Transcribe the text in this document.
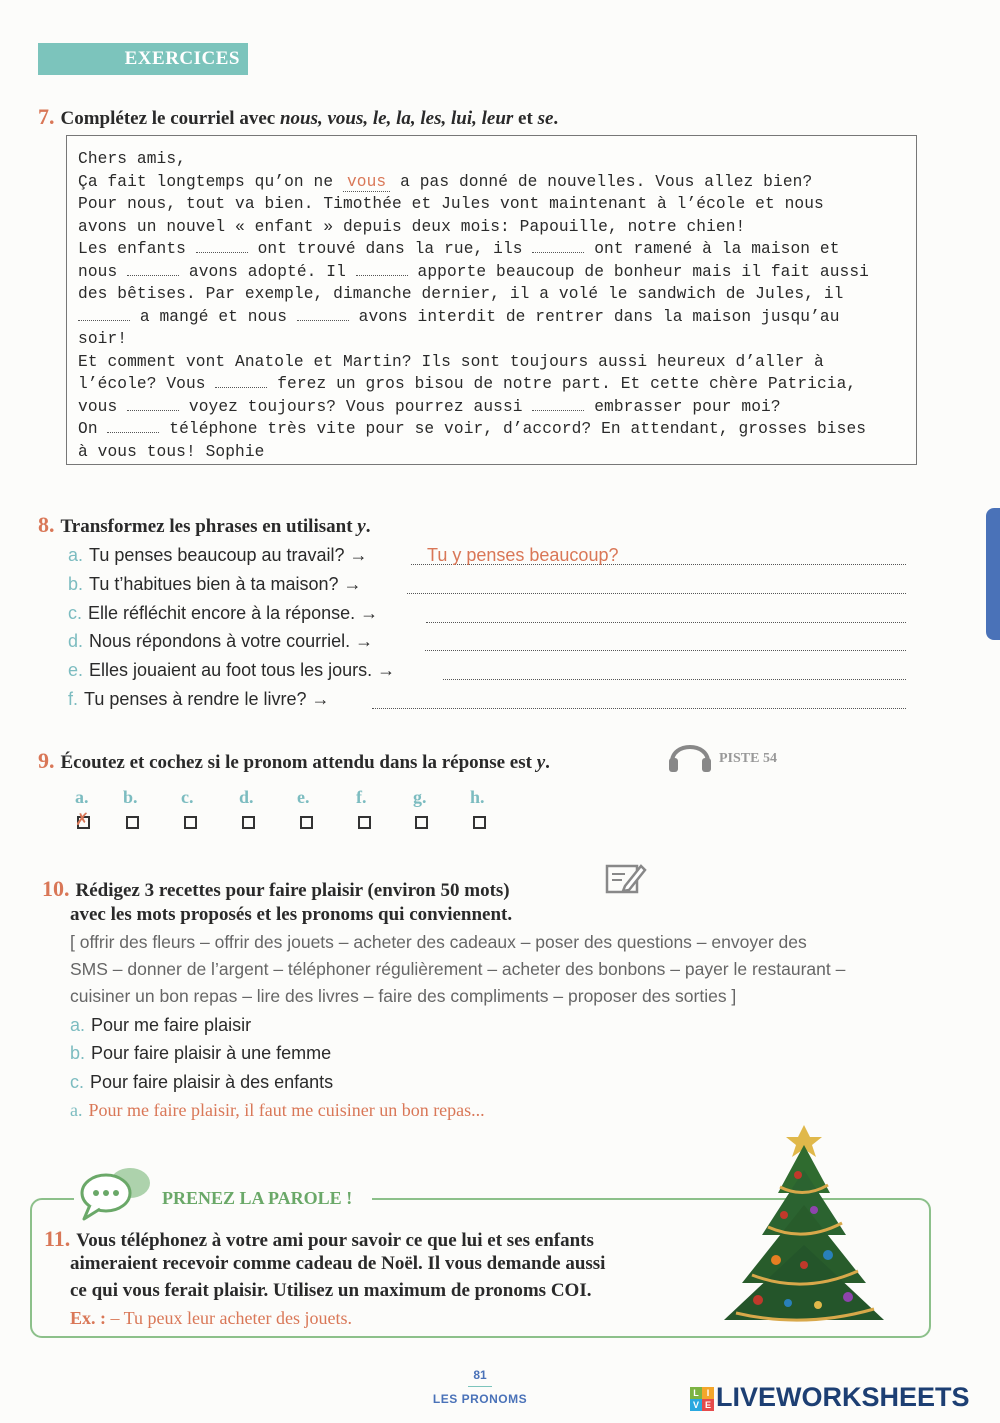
EXERCICES
7. Complétez le courriel avec nous, vous, le, la, les, lui, leur et se.
Chers amis,
Ça fait longtemps qu’on ne vous a pas donné de nouvelles. Vous allez bien?
Pour nous, tout va bien. Timothée et Jules vont maintenant à l’école et nous
avons un nouvel « enfant » depuis deux mois: Papouille, notre chien!
Les enfants	ont trouvé dans la rue, ils	ont ramené à la maison et
nous	avons adopté. Il	apporte beaucoup de bonheur mais il fait aussi
des bêtises. Par exemple, dimanche dernier, il a volé le sandwich de Jules, il
a mangé et nous	avons interdit de rentrer dans la maison jusqu’au
soir!
Et comment vont Anatole et Martin? Ils sont toujours aussi heureux d’aller à
l’école? Vous	ferez un gros bisou de notre part. Et cette chère Patricia,
vous	voyez toujours? Vous pourrez aussi	embrasser pour moi?
On	téléphone très vite pour se voir, d’accord? En attendant, grosses bises
à vous tous! Sophie
8. Transformez les phrases en utilisant y.
a. Tu penses beaucoup au travail? →	Tu y penses beaucoup?
b. Tu t’habitues bien à ta maison? →
c. Elle réfléchit encore à la réponse. →
d. Nous répondons à votre courriel. →
e. Elles jouaient au foot tous les jours. →
f. Tu penses à rendre le livre? →
9. Écoutez et cochez si le pronom attendu dans la réponse est y.	PISTE 54
a. b. c.	d. e.	f.	g. h.
✗
10. Rédigez 3 recettes pour faire plaisir (environ 50 mots)
avec les mots proposés et les pronoms qui conviennent.
[ offrir des fleurs – offrir des jouets – acheter des cadeaux – poser des questions – envoyer des
SMS – donner de l’argent – téléphoner régulièrement – acheter des bonbons – payer le restaurant –
cuisiner un bon repas – lire des livres – faire des compliments – proposer des sorties ]
a. Pour me faire plaisir
b. Pour faire plaisir à une femme
c. Pour faire plaisir à des enfants
a. Pour me faire plaisir, il faut me cuisiner un bon repas...
PRENEZ LA PAROLE !
11. Vous téléphonez à votre ami pour savoir ce que lui et ses enfants
aimeraient recevoir comme cadeau de Noël. Il vous demande aussi
ce qui vous ferait plaisir. Utilisez un maximum de pronoms COI.
Ex. : – Tu peux leur acheter des jouets.
81
LES PRONOMS	L I
V E LIVEWORKSHEETS
